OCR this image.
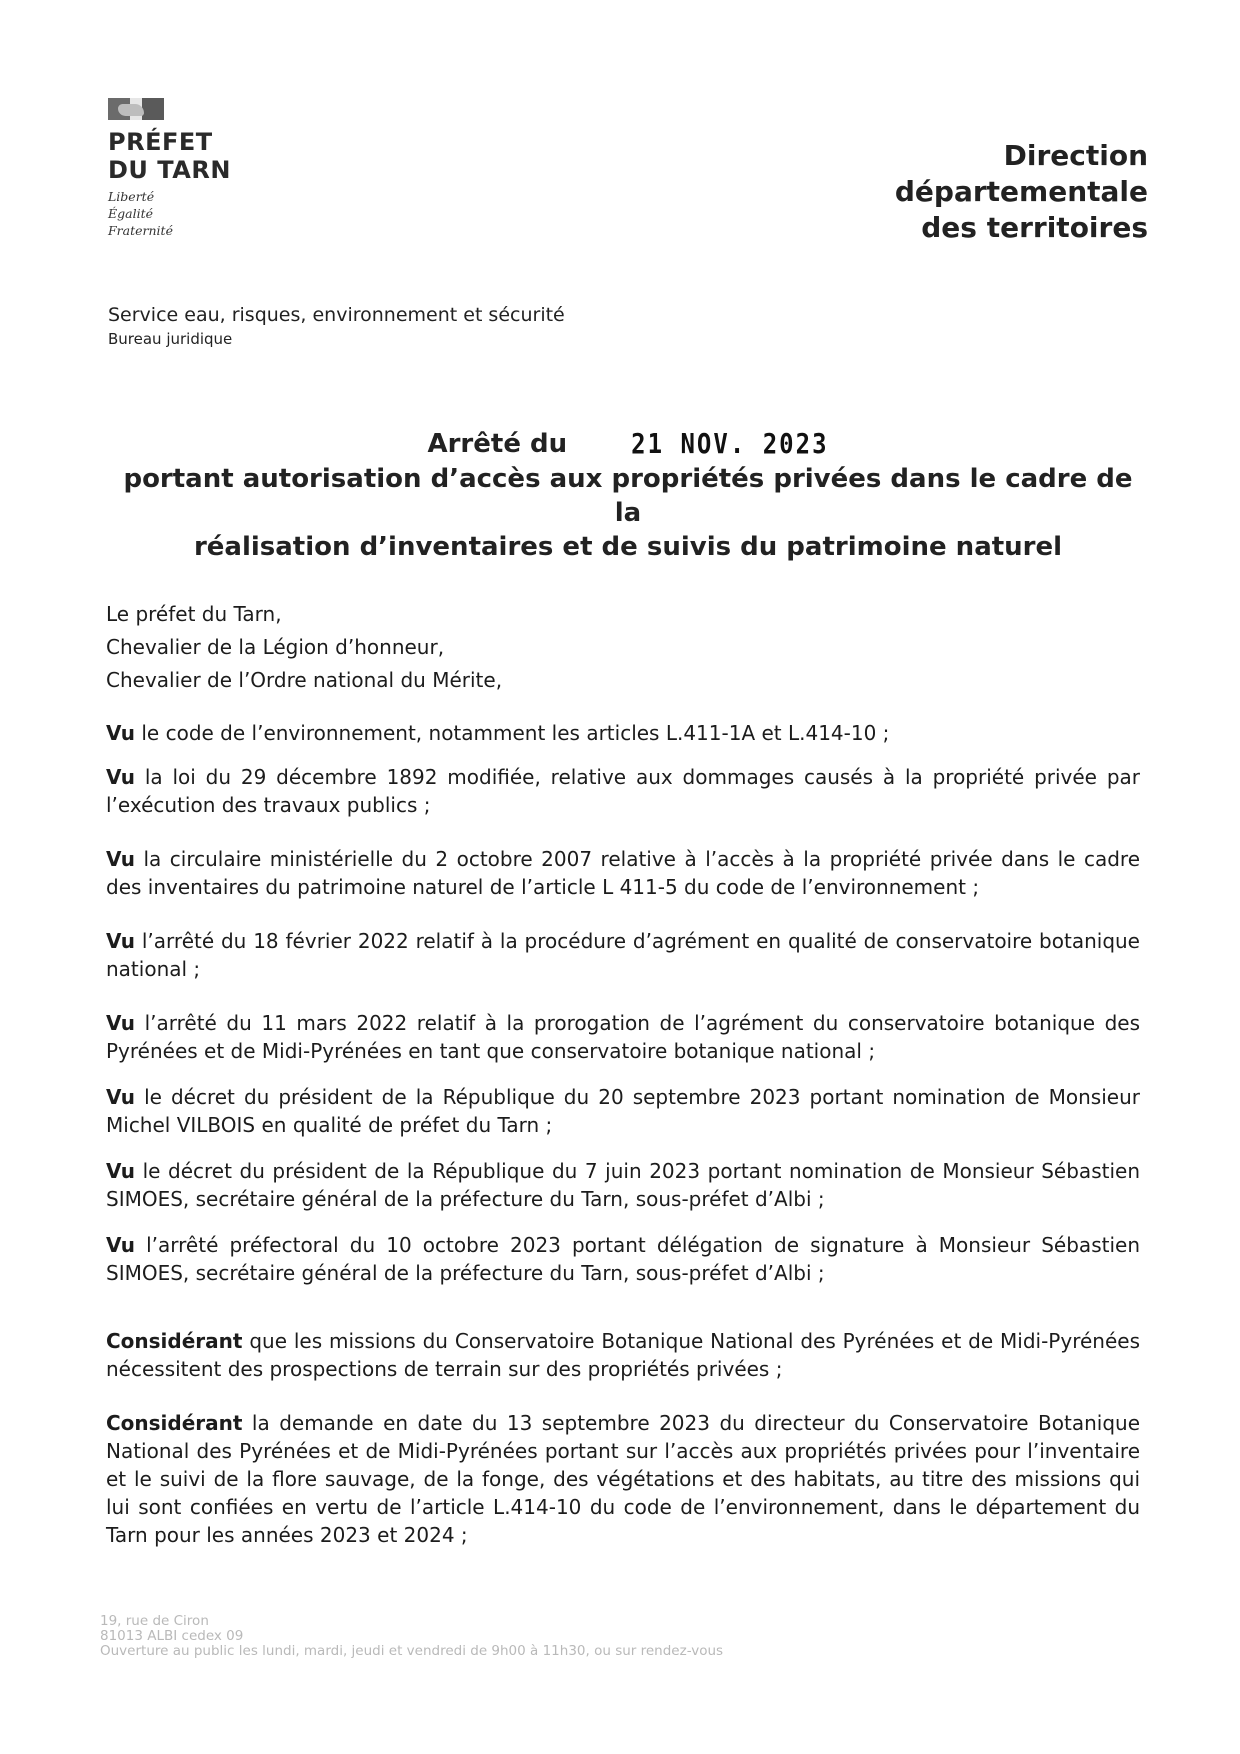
PRÉFET
DU TARN
Liberté
Égalité
Fraternité
Direction
départementale
des territoires
Service eau, risques, environnement et sécurité
Bureau juridique
Arrêté du	21 NOV. 2023
portant autorisation d’accès aux propriétés privées dans le cadre de la
réalisation d’inventaires et de suivis du patrimoine naturel
Le préfet du Tarn,
Chevalier de la Légion d’honneur,
Chevalier de l’Ordre national du Mérite,

Vu le code de l’environnement, notamment les articles L.411-1A et L.414-10 ;

Vu la loi du 29 décembre 1892 modifiée, relative aux dommages causés à la propriété privée par l’exécution des travaux publics ;

Vu la circulaire ministérielle du 2 octobre 2007 relative à l’accès à la propriété privée dans le cadre des inventaires du patrimoine naturel de l’article L 411-5 du code de l’environnement ;

Vu l’arrêté du 18 février 2022 relatif à la procédure d’agrément en qualité de conservatoire botanique national ;

Vu l’arrêté du 11 mars 2022 relatif à la prorogation de l’agrément du conservatoire botanique des Pyrénées et de Midi-Pyrénées en tant que conservatoire botanique national ;

Vu le décret du président de la République du 20 septembre 2023 portant nomination de Monsieur Michel VILBOIS en qualité de préfet du Tarn ;

Vu le décret du président de la République du 7 juin 2023 portant nomination de Monsieur Sébastien SIMOES, secrétaire général de la préfecture du Tarn, sous-préfet d’Albi ;

Vu l’arrêté préfectoral du 10 octobre 2023 portant délégation de signature à Monsieur Sébastien SIMOES, secrétaire général de la préfecture du Tarn, sous-préfet d’Albi ;

Considérant que les missions du Conservatoire Botanique National des Pyrénées et de Midi-Pyrénées nécessitent des prospections de terrain sur des propriétés privées ;

Considérant la demande en date du 13 septembre 2023 du directeur du Conservatoire Botanique National des Pyrénées et de Midi-Pyrénées portant sur l’accès aux propriétés privées pour l’inventaire et le suivi de la flore sauvage, de la fonge, des végétations et des habitats, au titre des missions qui lui sont confiées en vertu de l’article L.414-10 du code de l’environnement, dans le département du Tarn pour les années 2023 et 2024 ;

19, rue de Ciron
81013 ALBI cedex 09
Ouverture au public les lundi, mardi, jeudi et vendredi de 9h00 à 11h30, ou sur rendez-vous
